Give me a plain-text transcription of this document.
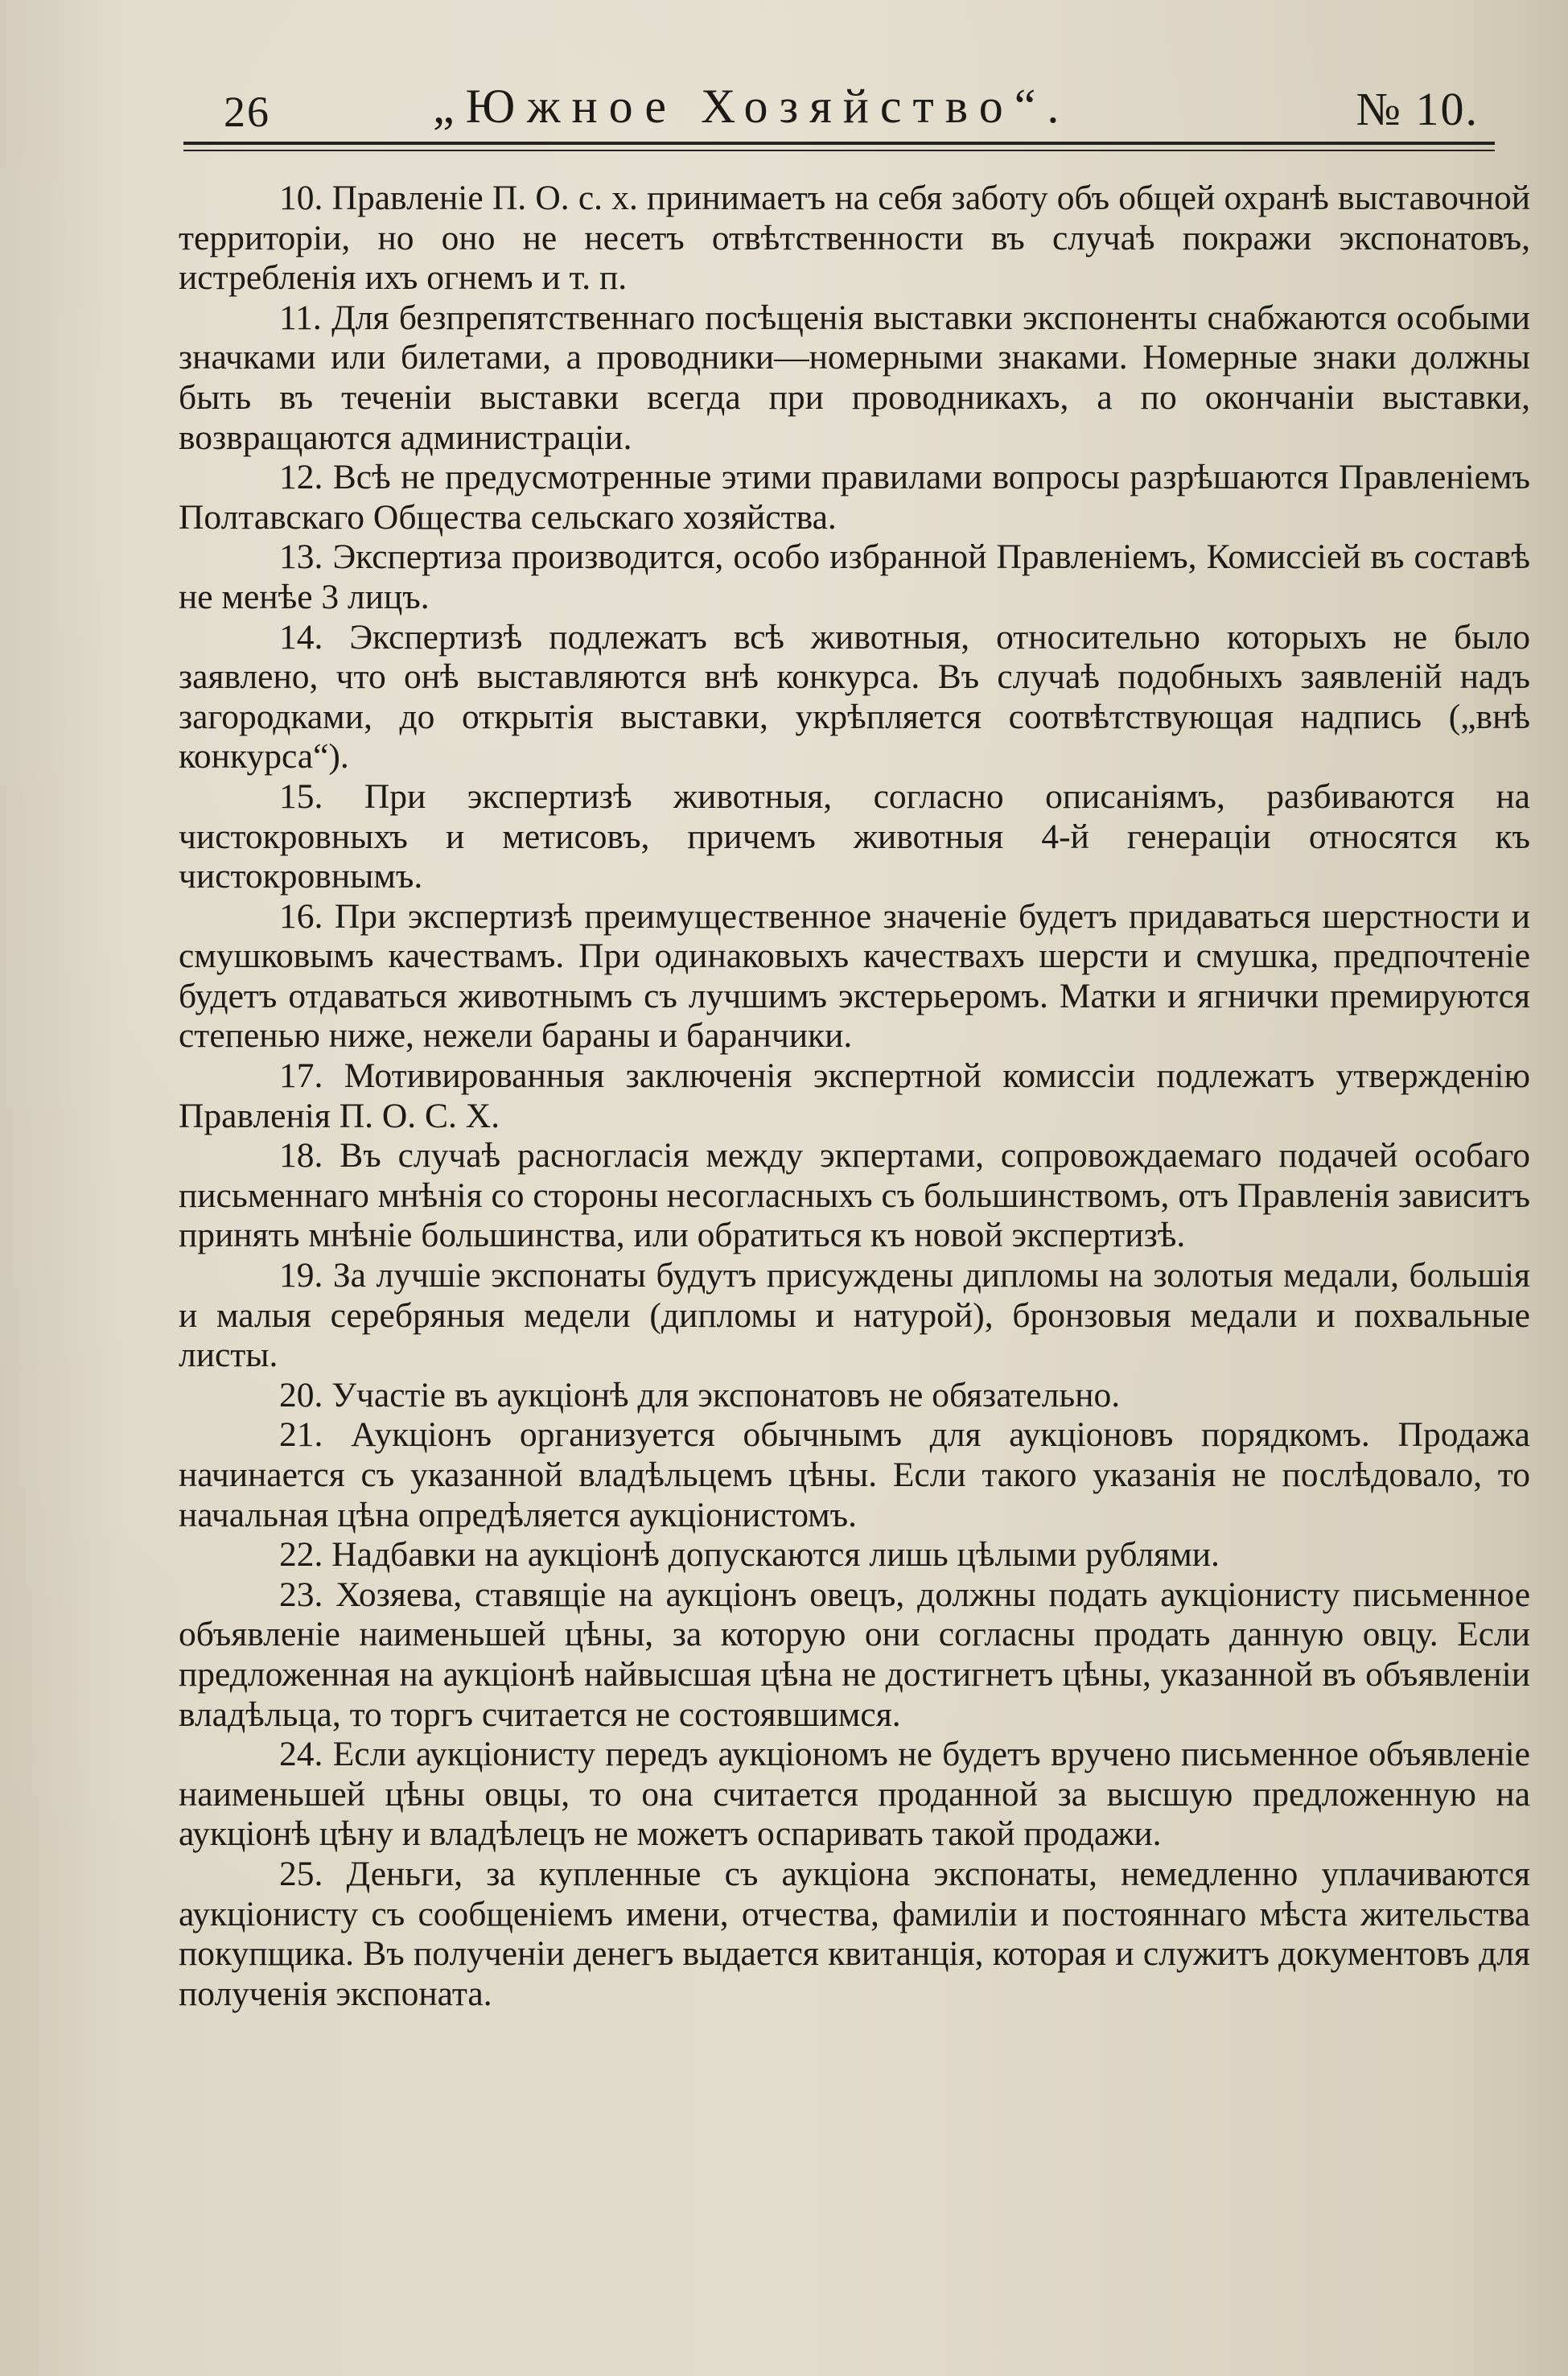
26	„Южное Хозяйство“.	№ 10.

10. Правленіе П. О. с. х. принимаетъ на себя заботу объ общей охранѣ выставочной территоріи, но оно не несетъ отвѣтственности въ случаѣ покражи экспонатовъ, истребленія ихъ огнемъ и т. п.

11. Для безпрепятственнаго посѣщенія выставки экспоненты снабжаются особыми значками или билетами, а проводники—номерными знаками. Номерные знаки должны быть въ теченіи выставки всегда при проводникахъ, а по окончаніи выставки, возвращаются администраціи.

12. Всѣ не предусмотренные этими правилами вопросы разрѣшаются Правленіемъ Полтавскаго Общества сельскаго хозяйства.

13. Экспертиза производится, особо избранной Правленіемъ, Комиссіей въ составѣ не менѣе 3 лицъ.

14. Экспертизѣ подлежатъ всѣ животныя, относительно которыхъ не было заявлено, что онѣ выставляются внѣ конкурса. Въ случаѣ подобныхъ заявленій надъ загородками, до открытія выставки, укрѣпляется соотвѣтствующая надпись („внѣ конкурса“).

15. При экспертизѣ животныя, согласно описаніямъ, разбиваются на чистокровныхъ и метисовъ, причемъ животныя 4-й генераціи относятся къ чистокровнымъ.

16. При экспертизѣ преимущественное значеніе будетъ придаваться шерстности и смушковымъ качествамъ. При одинаковыхъ качествахъ шерсти и смушка, предпочтеніе будетъ отдаваться животнымъ съ лучшимъ экстерьеромъ. Матки и ягнички премируются степенью ниже, нежели бараны и баранчики.

17. Мотивированныя заключенія экспертной комиссіи подлежатъ утвержденію Правленія П. О. С. Х.

18. Въ случаѣ расногласія между экпертами, сопровождаемаго подачей особаго письменнаго мнѣнія со стороны несогласныхъ съ большинствомъ, отъ Правленія зависитъ принять мнѣніе большинства, или обратиться къ новой экспертизѣ.

19. За лучшіе экспонаты будутъ присуждены дипломы на золотыя медали, большія и малыя серебряныя медели (дипломы и натурой), бронзовыя медали и похвальные листы.

20. Участіе въ аукціонѣ для экспонатовъ не обязательно.

21. Аукціонъ организуется обычнымъ для аукціоновъ порядкомъ. Продажа начинается съ указанной владѣльцемъ цѣны. Если такого указанія не послѣдовало, то начальная цѣна опредѣляется аукціонистомъ.

22. Надбавки на аукціонѣ допускаются лишь цѣлыми рублями.

23. Хозяева, ставящіе на аукціонъ овецъ, должны подать аукціонисту письменное объявленіе наименьшей цѣны, за которую они согласны продать данную овцу. Если предложенная на аукціонѣ найвысшая цѣна не достигнетъ цѣны, указанной въ объявленіи владѣльца, то торгъ считается не состоявшимся.

24. Если аукціонисту передъ аукціономъ не будетъ вручено письменное объявленіе наименьшей цѣны овцы, то она считается проданной за высшую предложенную на аукціонѣ цѣну и владѣлецъ не можетъ оспаривать такой продажи.

25. Деньги, за купленные съ аукціона экспонаты, немедленно уплачиваются аукціонисту съ сообщеніемъ имени, отчества, фамиліи и постояннаго мѣста жительства покупщика. Въ полученіи денегъ выдается квитанція, которая и служитъ документовъ для полученія экспоната.
